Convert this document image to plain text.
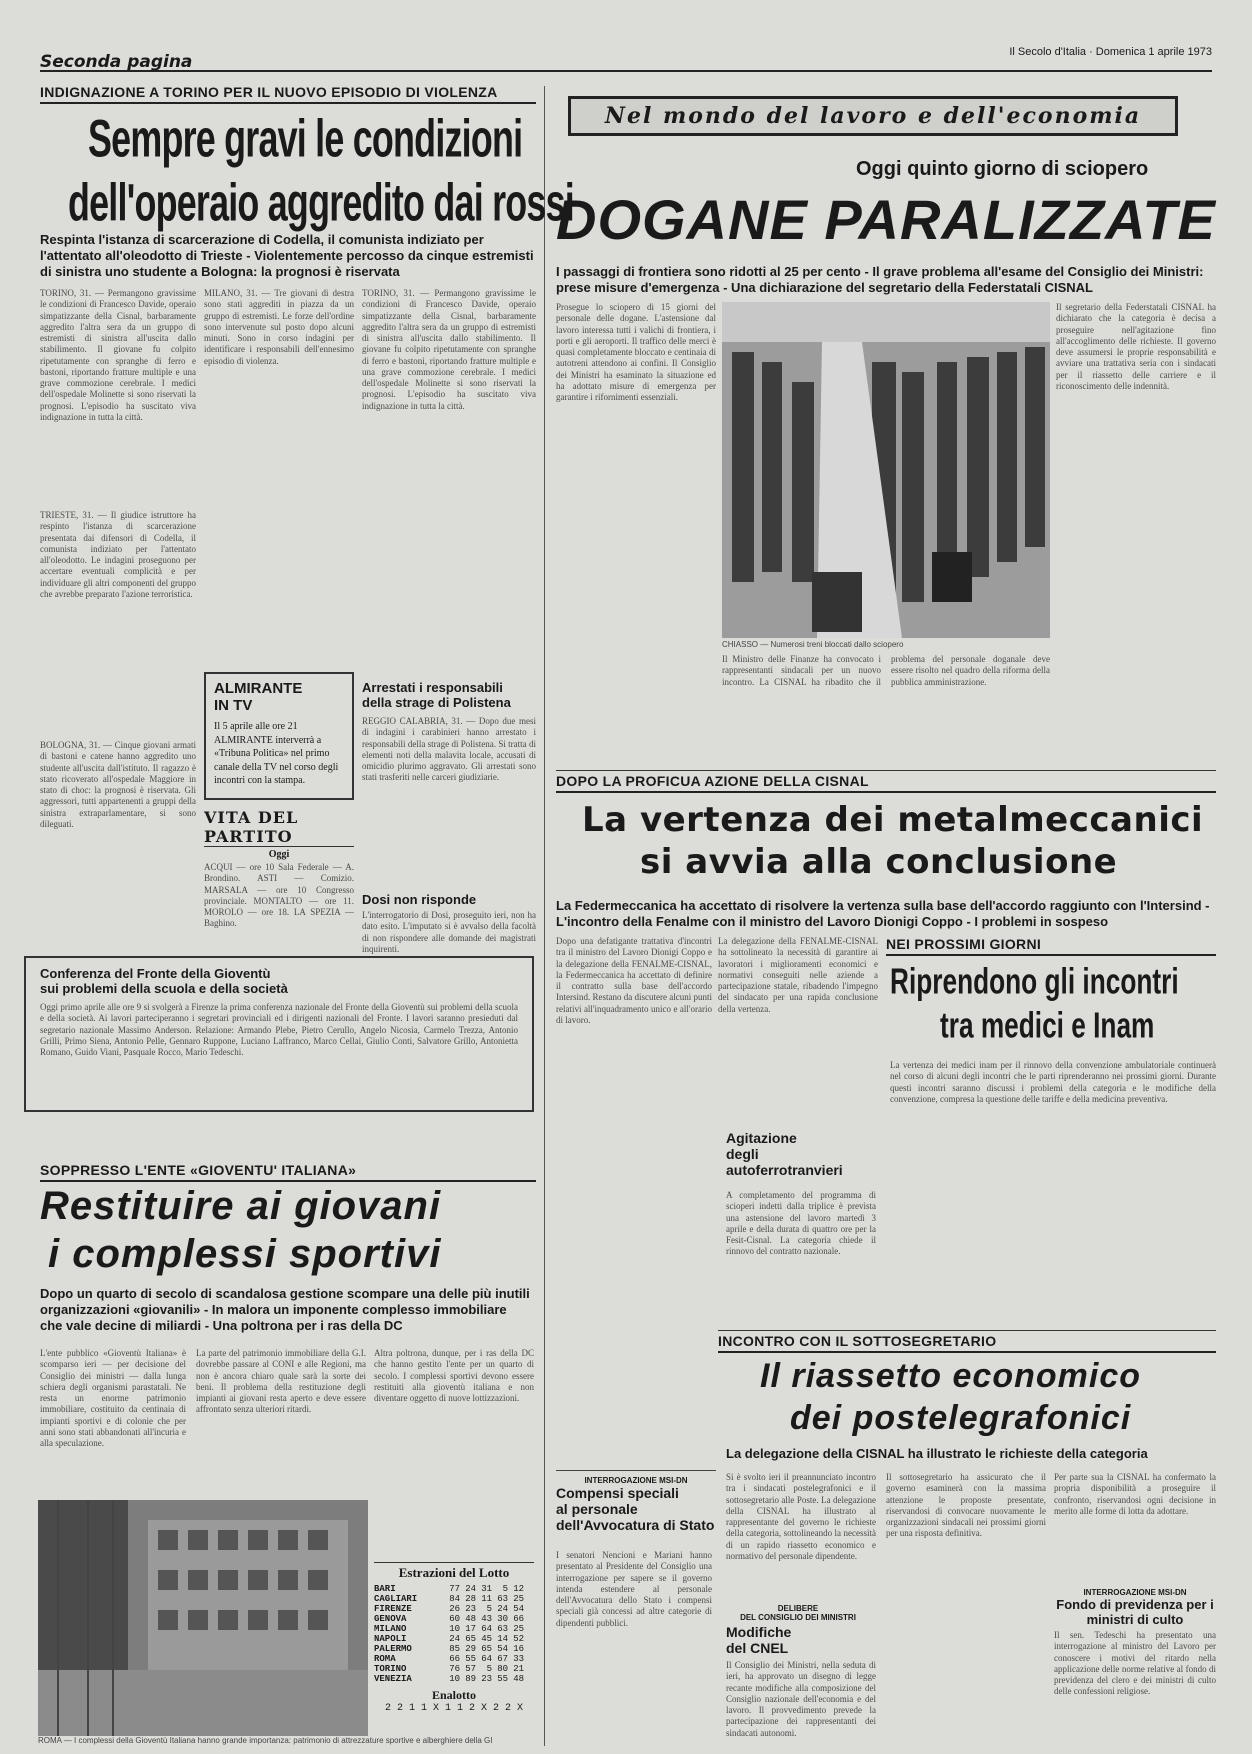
Seconda pagina	Il Secolo d'Italia · Domenica 1 aprile 1973
INDIGNAZIONE A TORINO PER IL NUOVO EPISODIO DI VIOLENZA
Sempre gravi le condizioni
dell'operaio aggredito dai rossi
Respinta l'istanza di scarcerazione di Codella, il comunista indiziato per l'attentato all'oleodotto di Trieste - Violentemente percosso da cinque estremisti di sinistra uno studente a Bologna: la prognosi è riservata
TORINO, 31. — Permangono gravissime le condizioni di Francesco Davide, operaio simpatizzante della Cisnal, barbaramente aggredito l'altra sera da un gruppo di estremisti di sinistra all'uscita dallo stabilimento. Il giovane fu colpito ripetutamente con spranghe di ferro e bastoni, riportando fratture multiple e una grave commozione cerebrale. I medici dell'ospedale Molinette si sono riservati la prognosi. L'episodio ha suscitato viva indignazione in tutta la città.
TRIESTE, 31. — Il giudice istruttore ha respinto l'istanza di scarcerazione presentata dai difensori di Codella, il comunista indiziato per l'attentato all'oleodotto. Le indagini proseguono per accertare eventuali complicità e per individuare gli altri componenti del gruppo che avrebbe preparato l'azione terroristica.
BOLOGNA, 31. — Cinque giovani armati di bastoni e catene hanno aggredito uno studente all'uscita dall'istituto. Il ragazzo è stato ricoverato all'ospedale Maggiore in stato di choc: la prognosi è riservata. Gli aggressori, tutti appartenenti a gruppi della sinistra extraparlamentare, si sono dileguati.
MILANO, 31. — Tre giovani di destra sono stati aggrediti in piazza da un gruppo di estremisti. Le forze dell'ordine sono intervenute sul posto dopo alcuni minuti. Sono in corso indagini per identificare i responsabili dell'ennesimo episodio di violenza.
TORINO, 31. — Permangono gravissime le condizioni di Francesco Davide, operaio simpatizzante della Cisnal, barbaramente aggredito l'altra sera da un gruppo di estremisti di sinistra all'uscita dallo stabilimento. Il giovane fu colpito ripetutamente con spranghe di ferro e bastoni, riportando fratture multiple e una grave commozione cerebrale. I medici dell'ospedale Molinette si sono riservati la prognosi. L'episodio ha suscitato viva indignazione in tutta la città.
ALMIRANTE
IN TV
Il 5 aprile alle ore 21 ALMIRANTE interverrà a «Tribuna Politica» nel primo canale della TV nel corso degli incontri con la stampa.
VITA DEL PARTITO
Oggi
ACQUI — ore 10 Sala Federale — A. Brondino. ASTI — Comizio. MARSALA — ore 10 Congresso provinciale. MONTALTO — ore 11. MOROLO — ore 18. LA SPEZIA — Baghino.
Arrestati i responsabili della strage di Polistena
REGGIO CALABRIA, 31. — Dopo due mesi di indagini i carabinieri hanno arrestato i responsabili della strage di Polistena. Si tratta di elementi noti della malavita locale, accusati di omicidio plurimo aggravato. Gli arrestati sono stati trasferiti nelle carceri giudiziarie.
Dosi non risponde
L'interrogatorio di Dosi, proseguito ieri, non ha dato esito. L'imputato si è avvalso della facoltà di non rispondere alle domande dei magistrati inquirenti.
Conferenza del Fronte della Gioventù
sui problemi della scuola e della società
Oggi primo aprile alle ore 9 si svolgerà a Firenze la prima conferenza nazionale del Fronte della Gioventù sui problemi della scuola e della società. Ai lavori parteciperanno i segretari provinciali ed i dirigenti nazionali del Fronte. I lavori saranno presieduti dal segretario nazionale Massimo Anderson. Relazione: Armando Plebe, Pietro Cerullo, Angelo Nicosia, Carmelo Trezza, Antonio Grilli, Primo Siena, Antonio Pelle, Gennaro Ruppone, Luciano Laffranco, Marco Cellai, Giulio Conti, Salvatore Grillo, Antonietta Romano, Guido Viani, Pasquale Rocco, Mario Tedeschi.
SOPPRESSO L'ENTE «GIOVENTU' ITALIANA»
Restituire ai giovani
i complessi sportivi
Dopo un quarto di secolo di scandalosa gestione scompare una delle più inutili organizzazioni «giovanili» - In malora un imponente complesso immobiliare che vale decine di miliardi - Una poltrona per i ras della DC
L'ente pubblico «Gioventù Italiana» è scomparso ieri — per decisione del Consiglio dei ministri — dalla lunga schiera degli organismi parastatali. Ne resta un enorme patrimonio immobiliare, costituito da centinaia di impianti sportivi e di colonie che per anni sono stati abbandonati all'incuria e alla speculazione.
La parte del patrimonio immobiliare della G.I. dovrebbe passare al CONI e alle Regioni, ma non è ancora chiaro quale sarà la sorte dei beni. Il problema della restituzione degli impianti ai giovani resta aperto e deve essere affrontato senza ulteriori ritardi.
Altra poltrona, dunque, per i ras della DC che hanno gestito l'ente per un quarto di secolo. I complessi sportivi devono essere restituiti alla gioventù italiana e non diventare oggetto di nuove lottizzazioni.
ROMA — I complessi della Gioventù Italiana hanno grande importanza: patrimonio di attrezzature sportive e alberghiere della GI
Estrazioni del Lotto
BARI	77 24 31	5 12
CAGLIARI	84 28 11 63 25
FIRENZE	26 23	5 24 54
GENOVA	60 48 43 30 66
MILANO	10 17 64 63 25
NAPOLI	24 65 45 14 52
PALERMO	85 29 65 54 16
ROMA	66 55 64 67 33
TORINO	76 57	5 80 21
VENEZIA	10 89 23 55 48
Enalotto
2 2 1 1 X 1 1 2 X 2 2 X
Nel mondo del lavoro e dell'economia
Oggi quinto giorno di sciopero
DOGANE PARALIZZATE
I passaggi di frontiera sono ridotti al 25 per cento - Il grave problema all'esame del Consiglio dei Ministri: prese misure d'emergenza - Una dichiarazione del segretario della Federstatali CISNAL
Prosegue lo sciopero di 15 giorni del personale delle dogane. L'astensione dal lavoro interessa tutti i valichi di frontiera, i porti e gli aeroporti. Il traffico delle merci è quasi completamente bloccato e centinaia di autotreni attendono ai confini. Il Consiglio dei Ministri ha esaminato la situazione ed ha adottato misure di emergenza per garantire i rifornimenti essenziali.
CHIASSO — Numerosi treni bloccati dallo sciopero
Il segretario della Federstatali CISNAL ha dichiarato che la categoria è decisa a proseguire nell'agitazione fino all'accoglimento delle richieste. Il governo deve assumersi le proprie responsabilità e avviare una trattativa seria con i sindacati per il riassetto delle carriere e il riconoscimento delle indennità.
Il Ministro delle Finanze ha convocato i rappresentanti sindacali per un nuovo incontro. La CISNAL ha ribadito che il problema del personale doganale deve essere risolto nel quadro della riforma della pubblica amministrazione.
DOPO LA PROFICUA AZIONE DELLA CISNAL
La vertenza dei metalmeccanici
si avvia alla conclusione
La Federmeccanica ha accettato di risolvere la vertenza sulla base dell'accordo raggiunto con l'Intersind - L'incontro della Fenalme con il ministro del Lavoro Dionigi Coppo - I problemi in sospeso
Dopo una defatigante trattativa d'incontri tra il ministro del Lavoro Dionigi Coppo e la delegazione della FENALME-CISNAL, la Federmeccanica ha accettato di definire il contratto sulla base dell'accordo Intersind. Restano da discutere alcuni punti relativi all'inquadramento unico e all'orario di lavoro.
La delegazione della FENALME-CISNAL ha sottolineato la necessità di garantire ai lavoratori i miglioramenti economici e normativi conseguiti nelle aziende a partecipazione statale, ribadendo l'impegno del sindacato per una rapida conclusione della vertenza.
Agitazione
degli
autoferrotranvieri
A completamento del programma di scioperi indetti dalla triplice è prevista una astensione del lavoro martedì 3 aprile e della durata di quattro ore per la Fesit-Cisnal. La categoria chiede il rinnovo del contratto nazionale.
NEI PROSSIMI GIORNI
Riprendono gli incontri
tra medici e Inam
La vertenza dei medici inam per il rinnovo della convenzione ambulatoriale continuerà nel corso di alcuni degli incontri che le parti riprenderanno nei prossimi giorni. Durante questi incontri saranno discussi i problemi della categoria e le modifiche della convenzione, compresa la questione delle tariffe e della medicina preventiva.
INCONTRO CON IL SOTTOSEGRETARIO
Il riassetto economico
dei postelegrafonici
La delegazione della CISNAL ha illustrato le richieste della categoria
Si è svolto ieri il preannunciato incontro tra i sindacati postelegrafonici e il sottosegretario alle Poste. La delegazione della CISNAL ha illustrato al rappresentante del governo le richieste della categoria, sottolineando la necessità di un rapido riassetto economico e normativo del personale dipendente.
Il sottosegretario ha assicurato che il governo esaminerà con la massima attenzione le proposte presentate, riservandosi di convocare nuovamente le organizzazioni sindacali nei prossimi giorni per una risposta definitiva.
Per parte sua la CISNAL ha confermato la propria disponibilità a proseguire il confronto, riservandosi ogni decisione in merito alle forme di lotta da adottare.
INTERROGAZIONE MSI-DN
Fondo di previdenza per i ministri di culto
Il sen. Tedeschi ha presentato una interrogazione al ministro del Lavoro per conoscere i motivi del ritardo nella applicazione delle norme relative al fondo di previdenza del clero e dei ministri di culto delle confessioni religiose.
INTERROGAZIONE MSI-DN
Compensi speciali
al personale
dell'Avvocatura di Stato
I senatori Nencioni e Mariani hanno presentato al Presidente del Consiglio una interrogazione per sapere se il governo intenda estendere al personale dell'Avvocatura dello Stato i compensi speciali già concessi ad altre categorie di dipendenti pubblici.
DELIBERE
DEL CONSIGLIO DEI MINISTRI
Modifiche
del CNEL
Il Consiglio dei Ministri, nella seduta di ieri, ha approvato un disegno di legge recante modifiche alla composizione del Consiglio nazionale dell'economia e del lavoro. Il provvedimento prevede la partecipazione dei rappresentanti dei sindacati autonomi.
